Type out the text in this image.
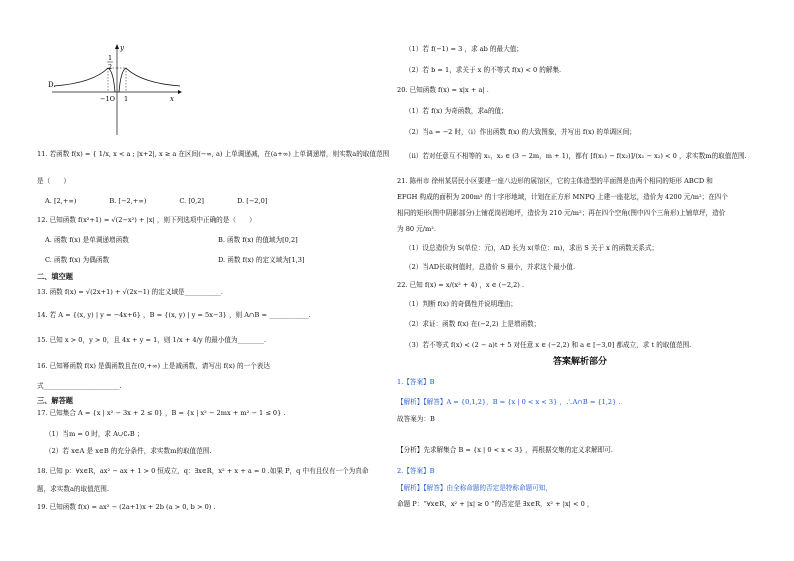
D.
y
x
1
2
−1O 1
11. 若函数 f(x) = { 1/x, x < a ; |x+2|, x ≥ a 在区间(−∞, a) 上单调递减，在(a+∞) 上单调递增，则实数a的取值范围
是（　　）
A. [2,+∞)　　　　　B. [−2,+∞)　　　　　C. [0,2]　　　　　D. [−2,0]
12. 已知函数 f(x²+1) = √(2−x²) + |x| ，则下列选项中正确的是（　　）
A. 函数 f(x) 是单调递增函数	B. 函数 f(x) 的值域为[0,2]
C. 函数 f(x) 为偶函数	D. 函数 f(x) 的定义域为[1,3]
二、填空题
13. 函数 f(x) = √(2x+1) + √(2x−1) 的定义域是___________.
14. 若 A = {(x, y) | y = −4x+6} ，B = {(x, y) | y = 5x−3} ，则 A∩B = ____________.
15. 已知 x > 0，y > 0，且 4x + y = 1，则 1/x + 4/y 的最小值为________.
16. 已知幂函数 f(x) 是偶函数且在(0,+∞) 上是减函数，请写出 f(x) 的一个表达
式_______________________.
三、解答题
17. 已知集合 A = {x | x² − 3x + 2 ≤ 0} ，B = {x | x² − 2mx + m² − 1 ≤ 0} .
（1）当m = 0 时，求 A∪∁ᵣB ；
（2）若 x∈A 是 x∈B 的充分条件，求实数m的取值范围.
18. 已知 p：∀x∈R，ax² − ax + 1 > 0 恒成立，q：∃x∈R，x² + x + a = 0 .如果 P，q 中有且仅有一个为真命
题，求实数a的取值范围.
19. 已知函数 f(x) = ax² − (2a+1)x + 2b (a > 0, b > 0) .
（1）若 f(−1) = 3 ，求 ab 的最大值；
（2）若 b = 1，求关于 x 的不等式 f(x) < 0 的解集.
20. 已知函数 f(x) = x|x + a| .
（1）若 f(x) 为奇函数，求a的值；
（2）当a = −2 时，（i）作出函数 f(x) 的大致图象，并写出 f(x) 的单调区间；
（ii）若对任意互不相等的 x₁，x₂ ∈ (3 − 2m，m + 1)，都有 [f(x₁) − f(x₂)]/(x₁ − x₂) < 0 ，求实数m的取值范围.
21. 陈州市 徐州某居民小区要建一座八边形的展馆区，它的主体造型的平面图是由两个相同的矩形 ABCD 和
EFGH 构成的面积为 200m² 的十字形地域，计划在正方形 MNPQ 上建一座花坛，造价为 4200 元/m²；在四个
相同的矩形(图中阴影部分)上铺花岗岩地坪，造价为 210 元/m²；再在四个空角(图中四个三角形)上铺草坪，造价
为 80 元/m².
（1）设总造价为 S(单位：元)，AD 长为 x(单位：m)，求出 S 关于 x 的函数关系式；
（2）当AD长取何值时，总造价 S 最小，并求这个最小值.
22. 已知 f(x) = x/(x² + 4) ，x ∈ (−2,2) .
（1）判断 f(x) 的奇偶性并说明理由；
（2）求证：函数 f(x) 在(−2,2) 上是增函数；
（3）若不等式 f(x) < (2 − a)t + 5 对任意 x ∈ (−2,2) 和 a ∈ [−3,0] 都成立，求 t 的取值范围.
答案解析部分
1.【答案】B
【解析】【解答】A = {0,1,2}，B = {x | 0 < x < 3} ，∴A∩B = {1,2} .
故答案为：B
【分析】先求解集合 B = {x | 0 < x < 3} ，再根据交集的定义求解即可.
2.【答案】B
【解析】【解答】由全称命题的否定是特称命题可知，
命题 P：“∀x∈R，x² + |x| ≥ 0 ”的否定是 ∃x∈R，x² + |x| < 0 ，
